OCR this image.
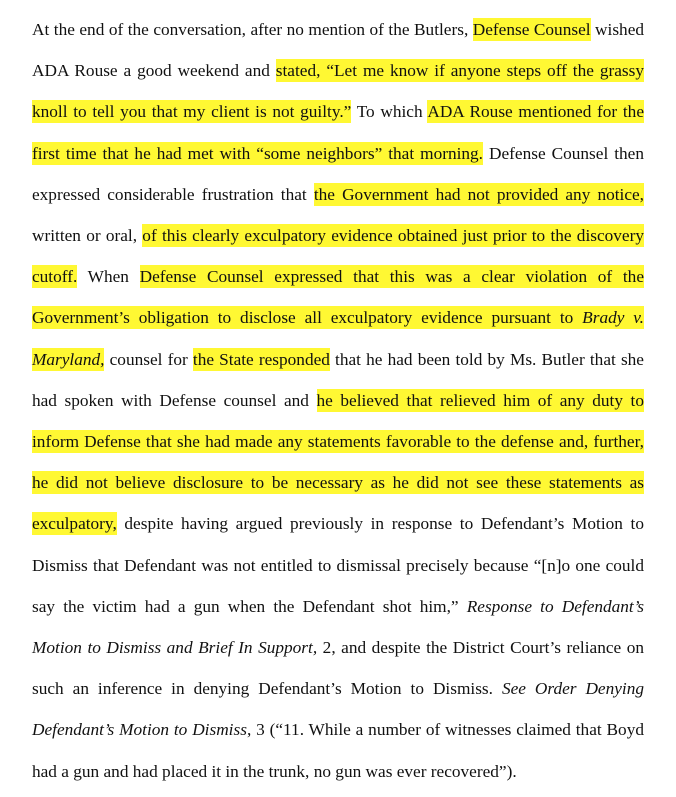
At the end of the conversation, after no mention of the Butlers, Defense Counsel wished
ADA Rouse a good weekend and stated, “Let me know if anyone steps off the grassy
knoll to tell you that my client is not guilty.” To which ADA Rouse mentioned for the
first time that he had met with “some neighbors” that morning. Defense Counsel then
expressed considerable frustration that the Government had not provided any notice,
written or oral, of this clearly exculpatory evidence obtained just prior to the discovery
cutoff. When Defense Counsel expressed that this was a clear violation of the
Government’s obligation to disclose all exculpatory evidence pursuant to Brady v.
Maryland, counsel for the State responded that he had been told by Ms. Butler that she
had spoken with Defense counsel and he believed that relieved him of any duty to
inform Defense that she had made any statements favorable to the defense and, further,
he did not believe disclosure to be necessary as he did not see these statements as
exculpatory, despite having argued previously in response to Defendant’s Motion to
Dismiss that Defendant was not entitled to dismissal precisely because “[n]o one could
say the victim had a gun when the Defendant shot him,” Response to Defendant’s
Motion to Dismiss and Brief In Support, 2, and despite the District Court’s reliance on
such an inference in denying Defendant’s Motion to Dismiss. See Order Denying
Defendant’s Motion to Dismiss, 3 (“11. While a number of witnesses claimed that Boyd
had a gun and had placed it in the trunk, no gun was ever recovered”).
